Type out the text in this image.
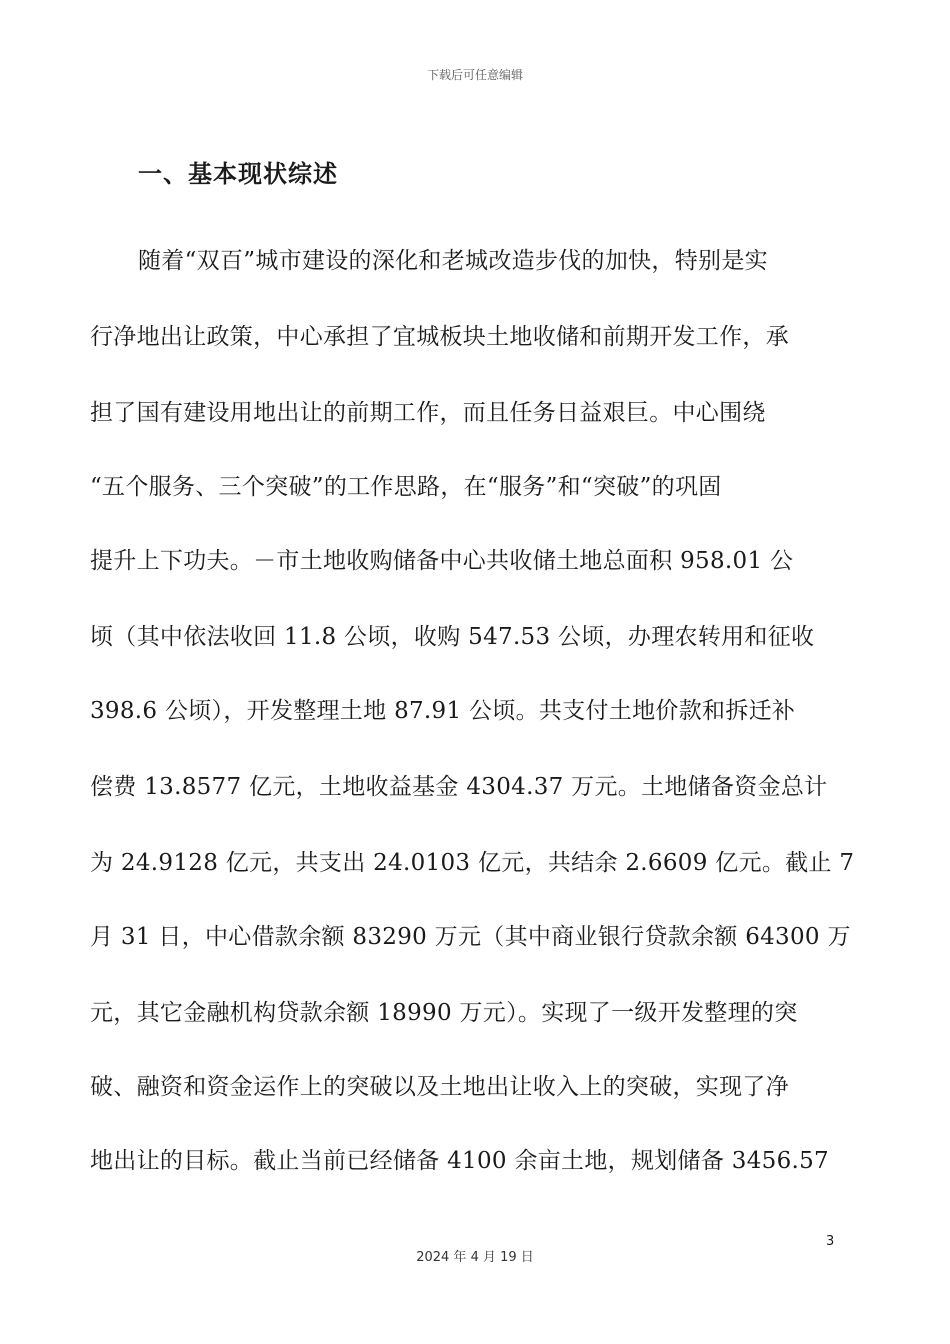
下载后可任意编辑
一、基本现状综述
随着“双百”城市建设的深化和老城改造步伐的加快，特别是实
行净地出让政策，中心承担了宜城板块土地收储和前期开发工作，承
担了国有建设用地出让的前期工作，而且任务日益艰巨。中心围绕
“五个服务、三个突破”的工作思路，在“服务”和“突破”的巩固
提升上下功夫。－市土地收购储备中心共收储土地总面积 958.01 公
顷（其中依法收回 11.8 公顷，收购 547.53 公顷，办理农转用和征收
398.6 公顷），开发整理土地 87.91 公顷。共支付土地价款和拆迁补
偿费 13.8577 亿元，土地收益基金 4304.37 万元。土地储备资金总计
为 24.9128 亿元，共支出 24.0103 亿元，共结余 2.6609 亿元。截止 7
月 31 日，中心借款余额 83290 万元（其中商业银行贷款余额 64300 万
元，其它金融机构贷款余额 18990 万元）。实现了一级开发整理的突
破、融资和资金运作上的突破以及土地出让收入上的突破，实现了净
地出让的目标。截止当前已经储备 4100 余亩土地，规划储备 3456.57
3
2024 年 4 月 19 日
